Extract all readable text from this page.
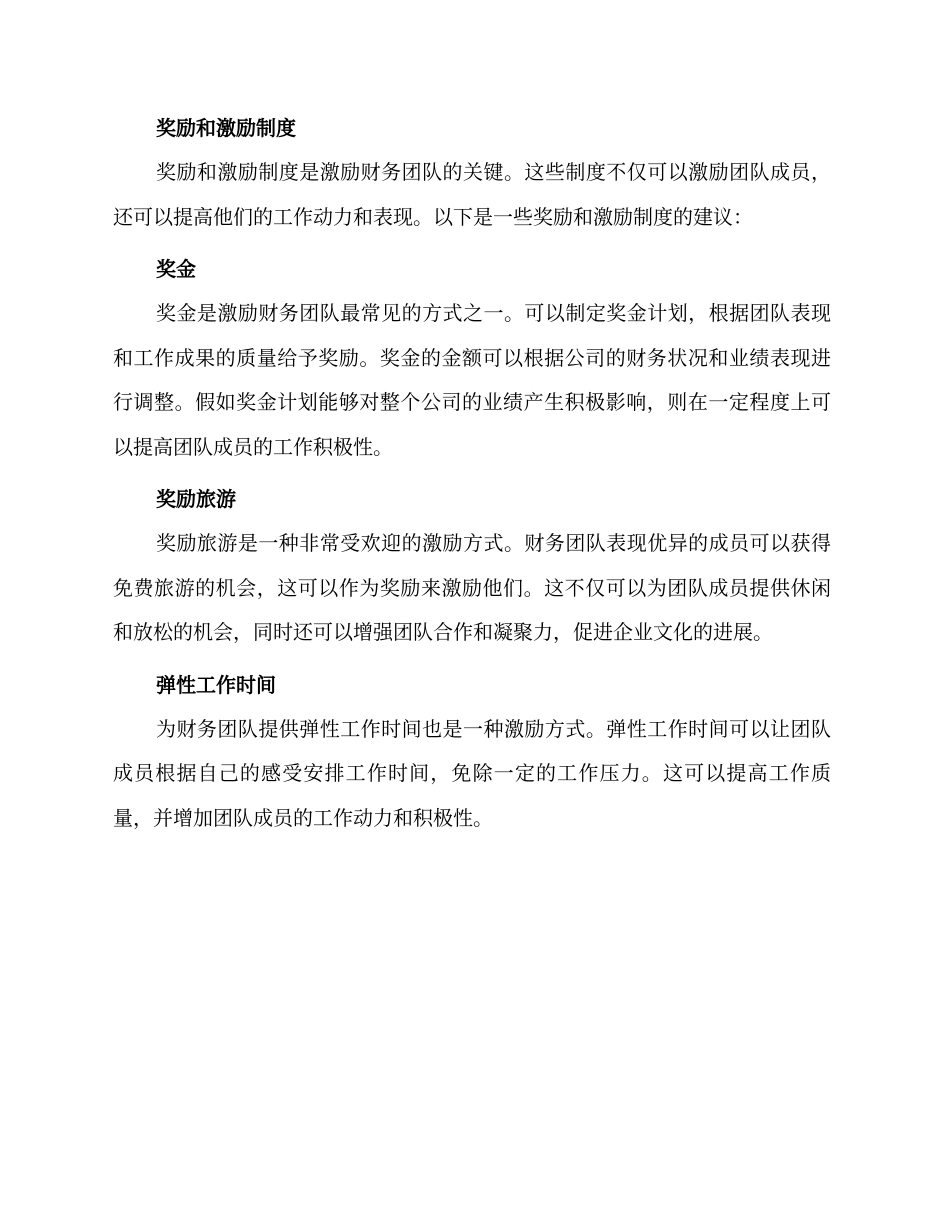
奖励和激励制度

奖励和激励制度是激励财务团队的关键。这些制度不仅可以激励团队成员，还可以提高他们的工作动力和表现。以下是一些奖励和激励制度的建议：

奖金

奖金是激励财务团队最常见的方式之一。可以制定奖金计划，根据团队表现和工作成果的质量给予奖励。奖金的金额可以根据公司的财务状况和业绩表现进行调整。假如奖金计划能够对整个公司的业绩产生积极影响，则在一定程度上可以提高团队成员的工作积极性。

奖励旅游

奖励旅游是一种非常受欢迎的激励方式。财务团队表现优异的成员可以获得免费旅游的机会，这可以作为奖励来激励他们。这不仅可以为团队成员提供休闲和放松的机会，同时还可以增强团队合作和凝聚力，促进企业文化的进展。

弹性工作时间

为财务团队提供弹性工作时间也是一种激励方式。弹性工作时间可以让团队成员根据自己的感受安排工作时间，免除一定的工作压力。这可以提高工作质量，并增加团队成员的工作动力和积极性。
